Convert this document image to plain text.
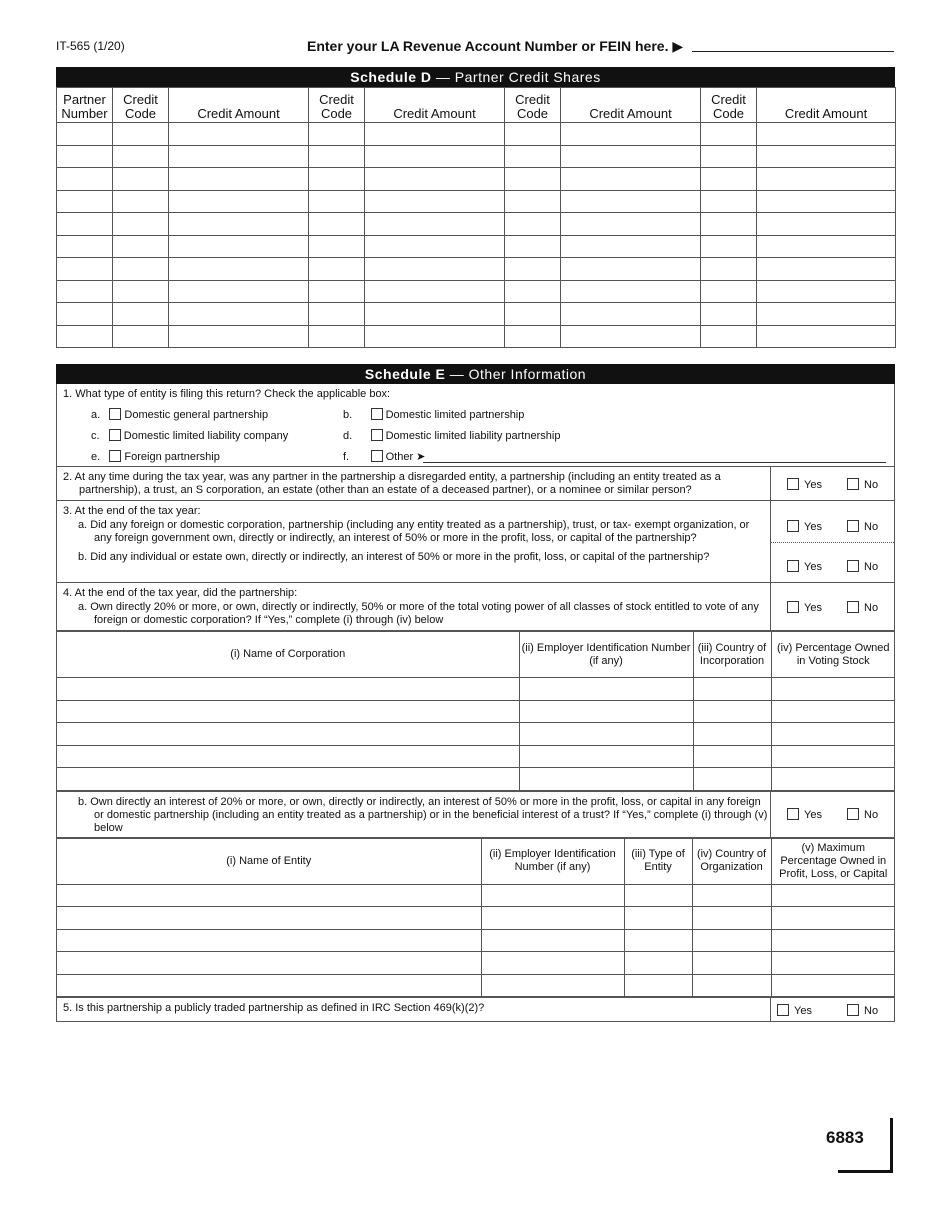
IT-565 (1/20)	Enter your LA Revenue Account Number or FEIN here. ▶
Schedule D — Partner Credit Shares
Partner Number	Credit Code	Credit Amount	Credit Code	Credit Amount	Credit Code	Credit Amount	Credit Code	Credit Amount

Schedule E — Other Information
1. What type of entity is filing this return? Check the applicable box:
a. Domestic general partnership	b.	Domestic limited partnership
c. Domestic limited liability company	d.	Domestic limited liability partnership
e. Foreign partnership	f.	Other ➤
2. At any time during the tax year, was any partner in the partnership a disregarded entity, a partnership (including an entity treated as a partnership), a trust, an S corporation, an estate (other than an estate of a deceased partner), or a nominee or similar person?	Yes	No
3. At the end of the tax year:
a. Did any foreign or domestic corporation, partnership (including any entity treated as a partnership), trust, or tax- exempt organization, or any foreign government own, directly or indirectly, an interest of 50% or more in the profit, loss, or capital of the partnership?
b. Did any individual or estate own, directly or indirectly, an interest of 50% or more in the profit, loss, or capital of the partnership?
Yes	No
Yes	No
4. At the end of the tax year, did the partnership:
a. Own directly 20% or more, or own, directly or indirectly, 50% or more of the total voting power of all classes of stock entitled to vote of any foreign or domestic corporation? If “Yes,” complete (i) through (iv) below
Yes	No
(i) Name of Corporation	(ii) Employer Identification Number (if any)	(iii) Country of Incorporation	(iv) Percentage Owned in Voting Stock

b. Own directly an interest of 20% or more, or own, directly or indirectly, an interest of 50% or more in the profit, loss, or capital in any foreign or domestic partnership (including an entity treated as a partnership) or in the beneficial interest of a trust? If “Yes,” complete (i) through (v) below
Yes	No
(i) Name of Entity	(ii) Employer Identification Number (if any)	(iii) Type of Entity	(iv) Country of Organization	(v) Maximum Percentage Owned in Profit, Loss, or Capital

5. Is this partnership a publicly traded partnership as defined in IRC Section 469(k)(2)?	Yes	No
6883
